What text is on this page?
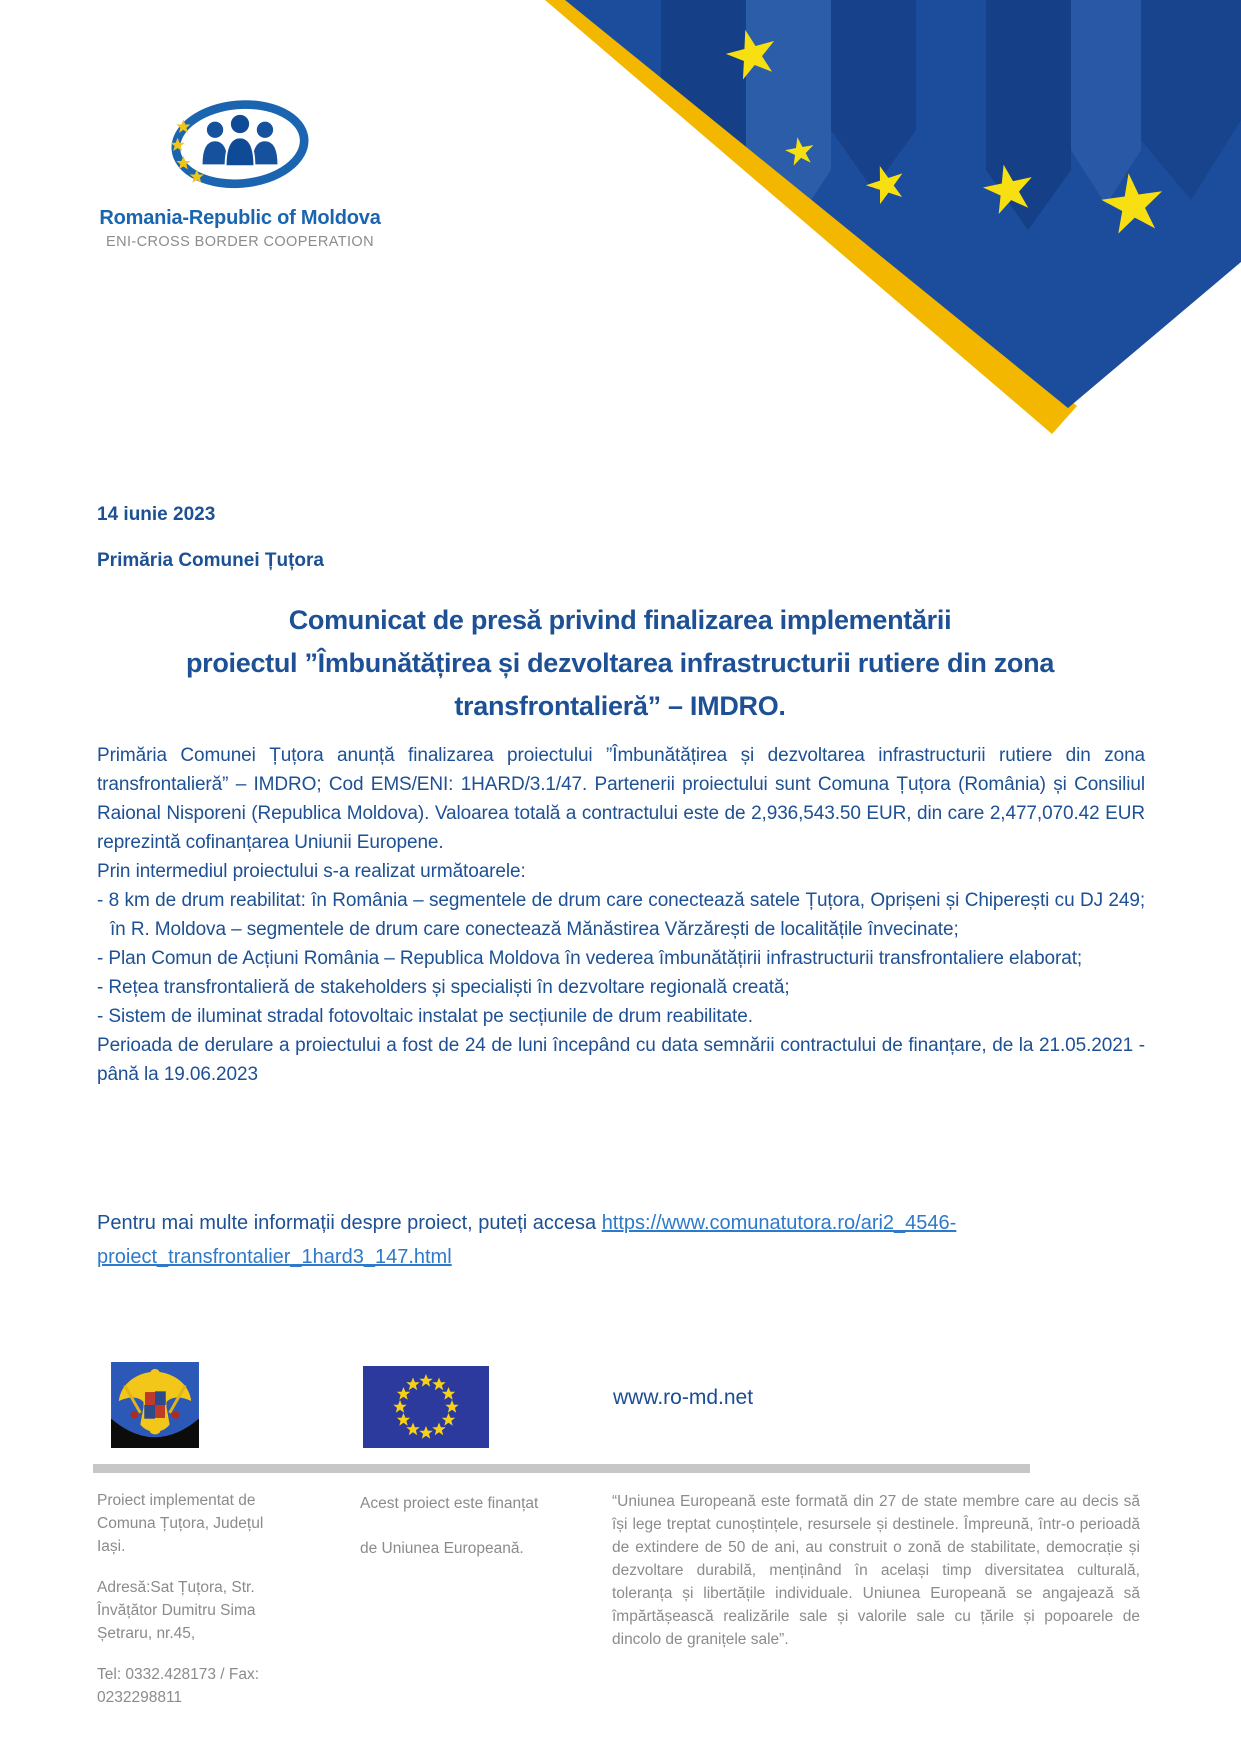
Romania-Republic of Moldova
ENI-CROSS BORDER COOPERATION
14 iunie 2023
Primăria Comunei Țuțora
Comunicat de presă privind finalizarea implementării
proiectul ”Îmbunătățirea și dezvoltarea infrastructurii rutiere din zona
transfrontalieră” – IMDRO.

Primăria Comunei Țuțora anunță finalizarea proiectului ”Îmbunătățirea și dezvoltarea infrastructurii rutiere din zona transfrontalieră” – IMDRO; Cod EMS/ENI: 1HARD/3.1/47. Partenerii proiectului sunt Comuna Țuțora (România) și Consiliul Raional Nisporeni (Republica Moldova). Valoarea totală a contractului este de 2,936,543.50 EUR, din care 2,477,070.42 EUR reprezintă cofinanțarea Uniunii Europene.

Prin intermediul proiectului s-a realizat următoarele:

- 8 km de drum reabilitat: în România – segmentele de drum care conectează satele Țuțora, Oprișeni și Chiperești cu DJ 249; în R. Moldova – segmentele de drum care conectează Mănăstirea Vărzărești de localitățile învecinate;

- Plan Comun de Acțiuni România – Republica Moldova în vederea îmbunătățirii infrastructurii transfrontaliere elaborat;

- Rețea transfrontalieră de stakeholders și specialiști în dezvoltare regională creată;

- Sistem de iluminat stradal fotovoltaic instalat pe secțiunile de drum reabilitate.

Perioada de derulare a proiectului a fost de 24 de luni începând cu data semnării contractului de finanțare, de la 21.05.2021 - până la 19.06.2023

Pentru mai multe informații despre proiect, puteți accesa https://www.comunatutora.ro/ari2_4546-proiect_transfrontalier_1hard3_147.html
www.ro-md.net

Proiect implementat de Comuna Țuțora, Județul Iași.

Adresă:Sat Țuțora, Str. Învățător Dumitru Sima Șetraru, nr.45,

Tel: 0332.428173 / Fax: 0232298811

Acest proiect este finanțat
de Uniunea Europeană.
“Uniunea Europeană este formată din 27 de state membre care au decis să își lege treptat cunoștințele, resursele și destinele. Împreună, într-o perioadă de extindere de 50 de ani, au construit o zonă de stabilitate, democrație și dezvoltare durabilă, menținând în același timp diversitatea culturală, toleranța și libertățile individuale. Uniunea Europeană se angajează să împărtășească realizările sale și valorile sale cu țările și popoarele de dincolo de granițele sale”.
